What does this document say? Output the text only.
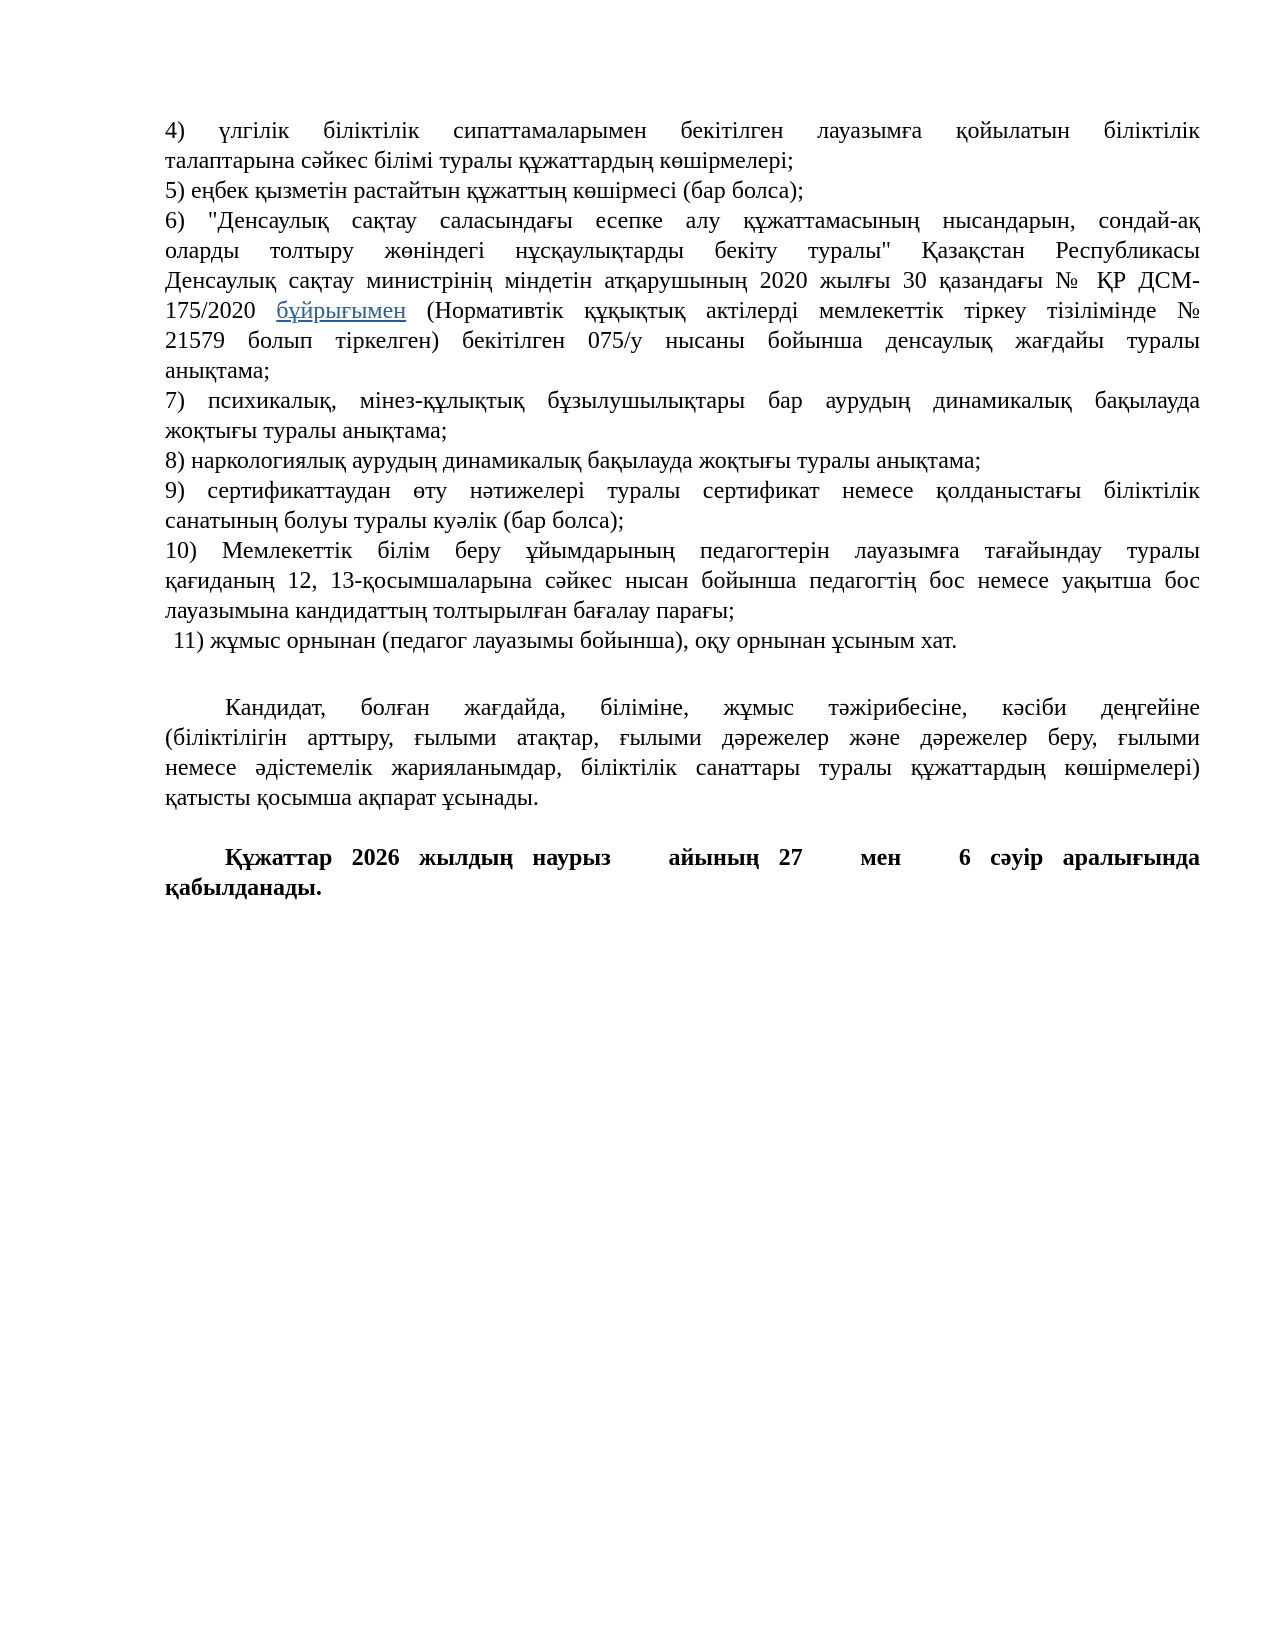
4) үлгілік біліктілік сипаттамаларымен бекітілген лауазымға қойылатын біліктілік
талаптарына сәйкес білімі туралы құжаттардың көшірмелері;
5) еңбек қызметін растайтын құжаттың көшірмесі (бар болса);
6) "Денсаулық сақтау саласындағы есепке алу құжаттамасының нысандарын, сондай-ақ
оларды толтыру жөніндегі нұсқаулықтарды бекіту туралы" Қазақстан Республикасы
Денсаулық сақтау министрінің міндетін атқарушының 2020 жылғы 30 қазандағы № ҚР ДСМ-
175/2020 бұйрығымен (Нормативтік құқықтық актілерді мемлекеттік тіркеу тізілімінде №
21579 болып тіркелген) бекітілген 075/у нысаны бойынша денсаулық жағдайы туралы
анықтама;
7) психикалық, мінез-құлықтық бұзылушылықтары бар аурудың динамикалық бақылауда
жоқтығы туралы анықтама;
8) наркологиялық аурудың динамикалық бақылауда жоқтығы туралы анықтама;
9) сертификаттаудан өту нәтижелері туралы сертификат немесе қолданыстағы біліктілік
санатының болуы туралы куәлік (бар болса);
10) Мемлекеттік білім беру ұйымдарының педагогтерін лауазымға тағайындау туралы
қағиданың 12, 13-қосымшаларына сәйкес нысан бойынша педагогтің бос немесе уақытша бос
лауазымына кандидаттың толтырылған бағалау парағы;
11) жұмыс орнынан (педагог лауазымы бойынша), оқу орнынан ұсыным хат.
Кандидат, болған жағдайда, біліміне, жұмыс тәжірибесіне, кәсіби деңгейіне
(біліктілігін арттыру, ғылыми атақтар, ғылыми дәрежелер және дәрежелер беру, ғылыми
немесе әдістемелік жарияланымдар, біліктілік санаттары туралы құжаттардың көшірмелері)
қатысты қосымша ақпарат ұсынады.
Құжаттар 2026 жылдың наурыз   айының 27   мен   6 сәуір аралығында
қабылданады.
